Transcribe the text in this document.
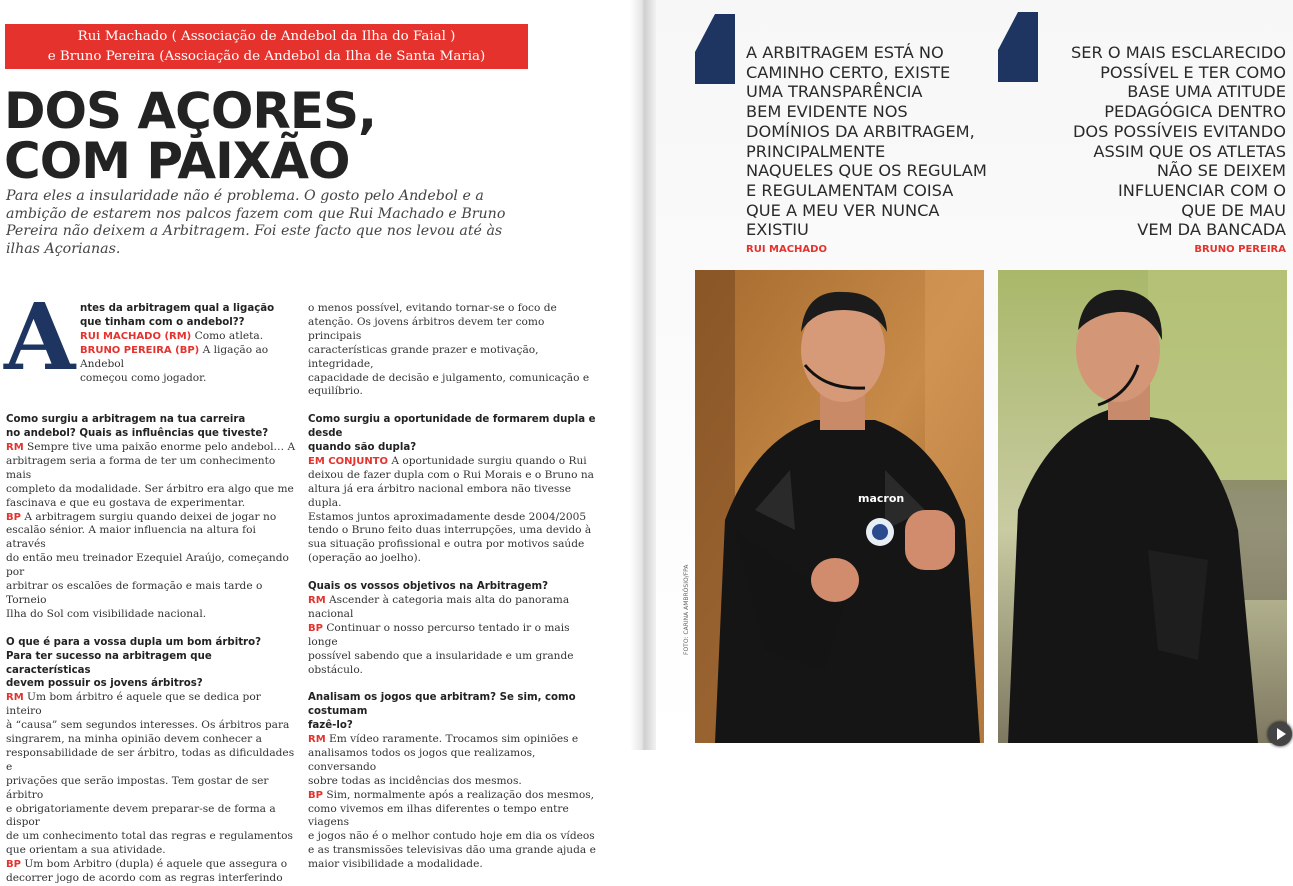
Rui Machado ( Associação de Andebol da Ilha do Faial )
e Bruno Pereira (Associação de Andebol da Ilha de Santa Maria)
DOS AÇORES,
COM PAIXÃO
Para eles a insularidade não é problema. O gosto pelo Andebol e a ambição de estarem nos palcos fazem com que Rui Machado e Bruno Pereira não deixem a Arbitragem. Foi este facto que nos levou até às ilhas Açorianas.
A ntes da arbitragem qual a ligação
que tinham com o andebol??
RUI MACHADO (RM) Como atleta.
BRUNO PEREIRA (BP) A ligação ao Andebol
começou como jogador.
Como surgiu a arbitragem na tua carreira
no andebol? Quais as influências que tiveste?
RM Sempre tive uma paixão enorme pelo andebol… A
arbitragem seria a forma de ter um conhecimento mais
completo da modalidade. Ser árbitro era algo que me
fascinava e que eu gostava de experimentar.
BP A arbitragem surgiu quando deixei de jogar no
escalão sénior. A maior influencia na altura foi através
do então meu treinador Ezequiel Araújo, começando por
arbitrar os escalões de formação e mais tarde o Torneio
Ilha do Sol com visibilidade nacional.
O que é para a vossa dupla um bom árbitro?
Para ter sucesso na arbitragem que características
devem possuir os jovens árbitros?
RM Um bom árbitro é aquele que se dedica por inteiro
à “causa” sem segundos interesses. Os árbitros para
singrarem, na minha opinião devem conhecer a
responsabilidade de ser árbitro, todas as dificuldades e
privações que serão impostas. Tem gostar de ser árbitro
e obrigatoriamente devem preparar-se de forma a dispor
de um conhecimento total das regras e regulamentos
que orientam a sua atividade.
BP Um bom Arbitro (dupla) é aquele que assegura o
decorrer jogo de acordo com as regras interferindo
o menos possível, evitando tornar-se o foco de
atenção. Os jovens árbitros devem ter como principais
características grande prazer e motivação, integridade,
capacidade de decisão e julgamento, comunicação e
equilíbrio.
Como surgiu a oportunidade de formarem dupla e desde
quando são dupla?
EM CONJUNTO A oportunidade surgiu quando o Rui
deixou de fazer dupla com o Rui Morais e o Bruno na
altura já era árbitro nacional embora não tivesse dupla.
Estamos juntos aproximadamente desde 2004/2005
tendo o Bruno feito duas interrupções, uma devido à
sua situação profissional e outra por motivos saúde
(operação ao joelho).
Quais os vossos objetivos na Arbitragem?
RM Ascender à categoria mais alta do panorama nacional
BP Continuar o nosso percurso tentado ir o mais longe
possível sabendo que a insularidade e um grande
obstáculo.
Analisam os jogos que arbitram? Se sim, como costumam
fazê-lo?
RM Em vídeo raramente. Trocamos sim opiniões e
analisamos todos os jogos que realizamos, conversando
sobre todas as incidências dos mesmos.
BP Sim, normalmente após a realização dos mesmos,
como vivemos em ilhas diferentes o tempo entre viagens
e jogos não é o melhor contudo hoje em dia os vídeos
e as transmissões televisivas dão uma grande ajuda e
maior visibilidade a modalidade.
A ARBITRAGEM ESTÁ NO
CAMINHO CERTO, EXISTE
UMA TRANSPARÊNCIA
BEM EVIDENTE NOS
DOMÍNIOS DA ARBITRAGEM,
PRINCIPALMENTE
NAQUELES QUE OS REGULAM
E REGULAMENTAM COISA
QUE A MEU VER NUNCA
EXISTIU
RUI MACHADO
SER O MAIS ESCLARECIDO
POSSÍVEL E TER COMO
BASE UMA ATITUDE
PEDAGÓGICA DENTRO
DOS POSSÍVEIS EVITANDO
ASSIM QUE OS ATLETAS
NÃO SE DEIXEM
INFLUENCIAR COM O
QUE DE MAU
VEM DA BANCADA
BRUNO PEREIRA
macron
FOTO: CARINA AMBRÓSIO/FPA
